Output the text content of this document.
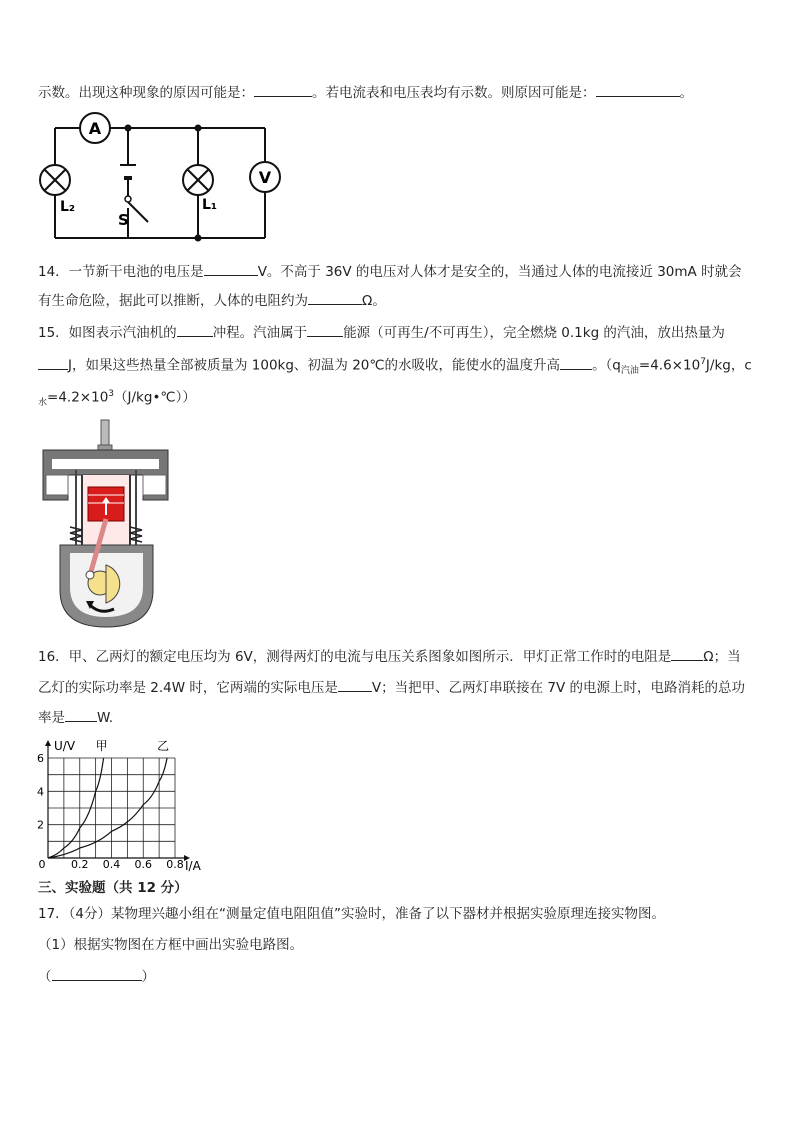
示数。出现这种现象的原因可能是：	。若电流表和电压表均有示数。则原因可能是：	。
A
V
L₂	L₁
S
14．一节新干电池的电压是	V。不高于 36V 的电压对人体才是安全的，当通过人体的电流接近 30mA 时就会
有生命危险，据此可以推断，人体的电阻约为	Ω。
15．如图表示汽油机的	冲程。汽油属于	能源（可再生/不可再生），完全燃烧 0.1kg 的汽油，放出热量为
J，如果这些热量全部被质量为 100kg、初温为 20℃的水吸收，能使水的温度升高 。（$q_{汽油}=4.6\times 10^7J/kg$，c
$_水=4.2\times 10^3(J/kg•℃)$）
16．甲、乙两灯的额定电压均为 6V，测得两灯的电流与电压关系图象如图所示．甲灯正常工作时的电阻是 Ω；当
乙灯的实际功率是 2.4W 时，它两端的实际电压是	V；当把甲、乙两灯串联接在 7V 的电源上时，电路消耗的总功
率是 W.
U/V
I/A
甲	乙
0 0.2 0.4 0.6 0.8
2
4
6
三、实验题（共 12 分）
17．（4分）某物理兴趣小组在“测量定值电阻阻值”实验时，准备了以下器材并根据实验原理连接实物图。
（1）根据实物图在方框中画出实验电路图。
（	）
